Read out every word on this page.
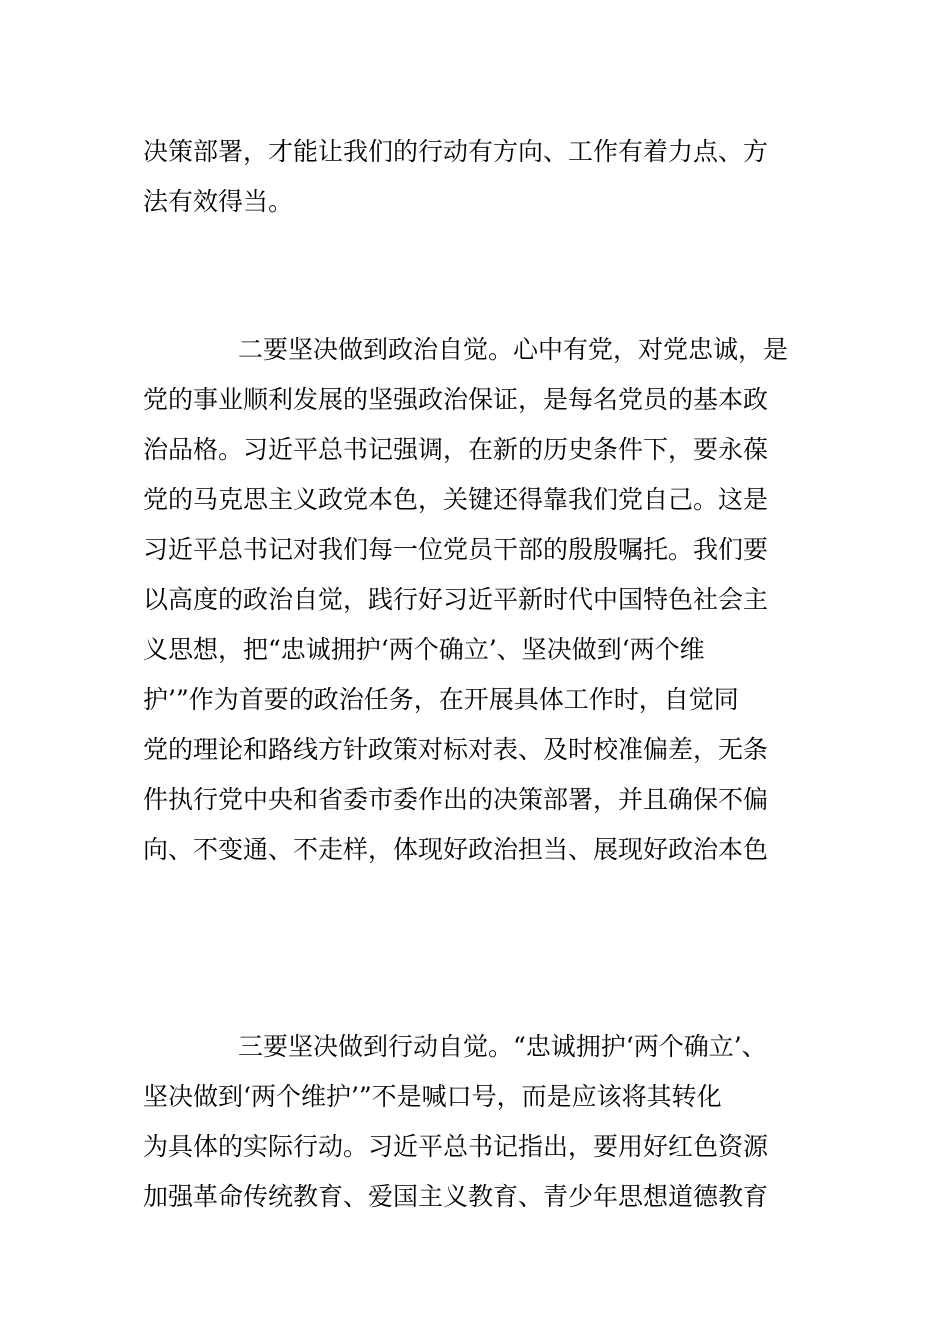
决策部署，才能让我们的行动有方向、工作有着力点、方
法有效得当。
二要坚决做到政治自觉。心中有党，对党忠诚，是
党的事业顺利发展的坚强政治保证，是每名党员的基本政
治品格。习近平总书记强调，在新的历史条件下，要永葆
党的马克思主义政党本色，关键还得靠我们党自己。这是
习近平总书记对我们每一位党员干部的殷殷嘱托。我们要
以高度的政治自觉，践行好习近平新时代中国特色社会主
义思想，把“忠诚拥护‘两个确立’、坚决做到‘两个维
护’”作为首要的政治任务，在开展具体工作时，自觉同
党的理论和路线方针政策对标对表、及时校准偏差，无条
件执行党中央和省委市委作出的决策部署，并且确保不偏
向、不变通、不走样，体现好政治担当、展现好政治本色
三要坚决做到行动自觉。“忠诚拥护‘两个确立’、
坚决做到‘两个维护’”不是喊口号，而是应该将其转化
为具体的实际行动。习近平总书记指出，要用好红色资源
加强革命传统教育、爱国主义教育、青少年思想道德教育
